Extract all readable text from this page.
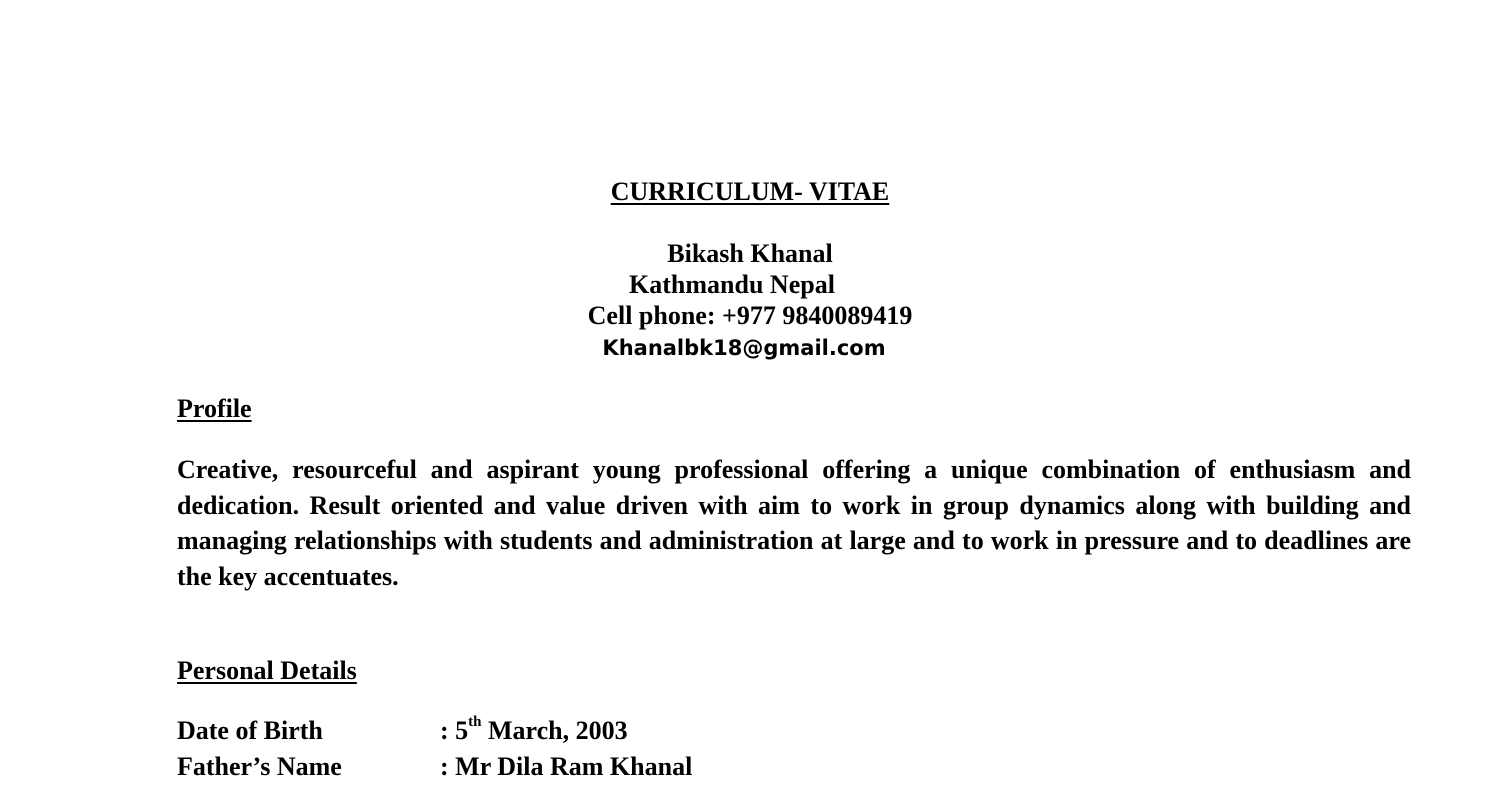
CURRICULUM- VITAE
Bikash Khanal
Kathmandu Nepal
Cell phone: +977 9840089419
Khanalbk18@gmail.com
Profile

Creative, resourceful and aspirant young professional offering a unique combination of enthusiasm and dedication. Result oriented and value driven with aim to work in group dynamics along with building and managing relationships with students and administration at large and to work in pressure and to deadlines are the key accentuates.

Personal Details
Date of Birth	: 5th March, 2003
Father’s Name	: Mr Dila Ram Khanal
